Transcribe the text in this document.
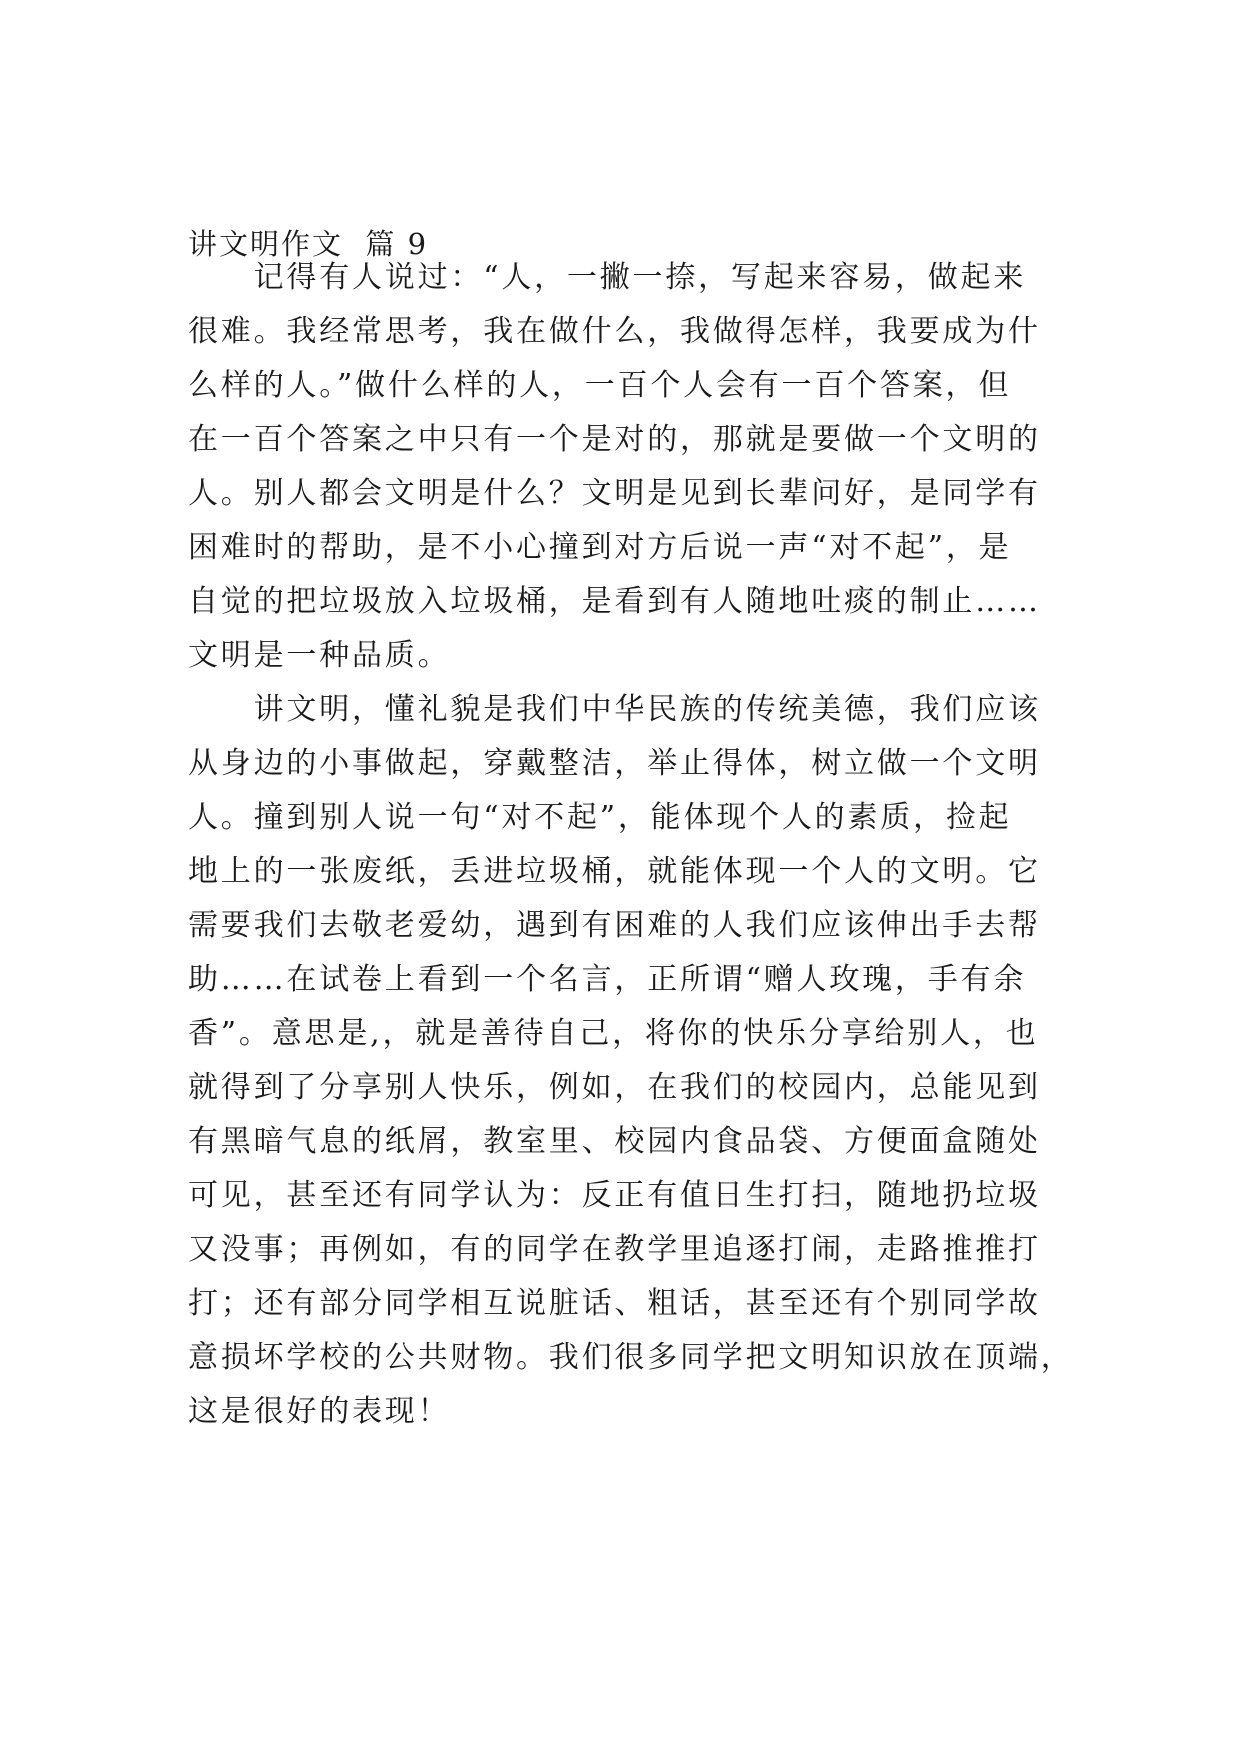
讲文明作文  篇 9
　　记得有人说过：“人，一撇一捺，写起来容易，做起来
很难。我经常思考，我在做什么，我做得怎样，我要成为什
么样的人。”做什么样的人，一百个人会有一百个答案，但
在一百个答案之中只有一个是对的，那就是要做一个文明的
人。别人都会文明是什么？文明是见到长辈问好，是同学有
困难时的帮助，是不小心撞到对方后说一声“对不起”，是
自觉的把垃圾放入垃圾桶，是看到有人随地吐痰的制止……
文明是一种品质。
　　讲文明，懂礼貌是我们中华民族的传统美德，我们应该
从身边的小事做起，穿戴整洁，举止得体，树立做一个文明
人。撞到别人说一句“对不起”，能体现个人的素质，捡起
地上的一张废纸，丢进垃圾桶，就能体现一个人的文明。它
需要我们去敬老爱幼，遇到有困难的人我们应该伸出手去帮
助……在试卷上看到一个名言，正所谓“赠人玫瑰，手有余
香”。意思是,，就是善待自己，将你的快乐分享给别人，也
就得到了分享别人快乐，例如，在我们的校园内，总能见到
有黑暗气息的纸屑，教室里、校园内食品袋、方便面盒随处
可见，甚至还有同学认为：反正有值日生打扫，随地扔垃圾
又没事；再例如，有的同学在教学里追逐打闹，走路推推打
打；还有部分同学相互说脏话、粗话，甚至还有个别同学故
意损坏学校的公共财物。我们很多同学把文明知识放在顶端，
这是很好的表现！
